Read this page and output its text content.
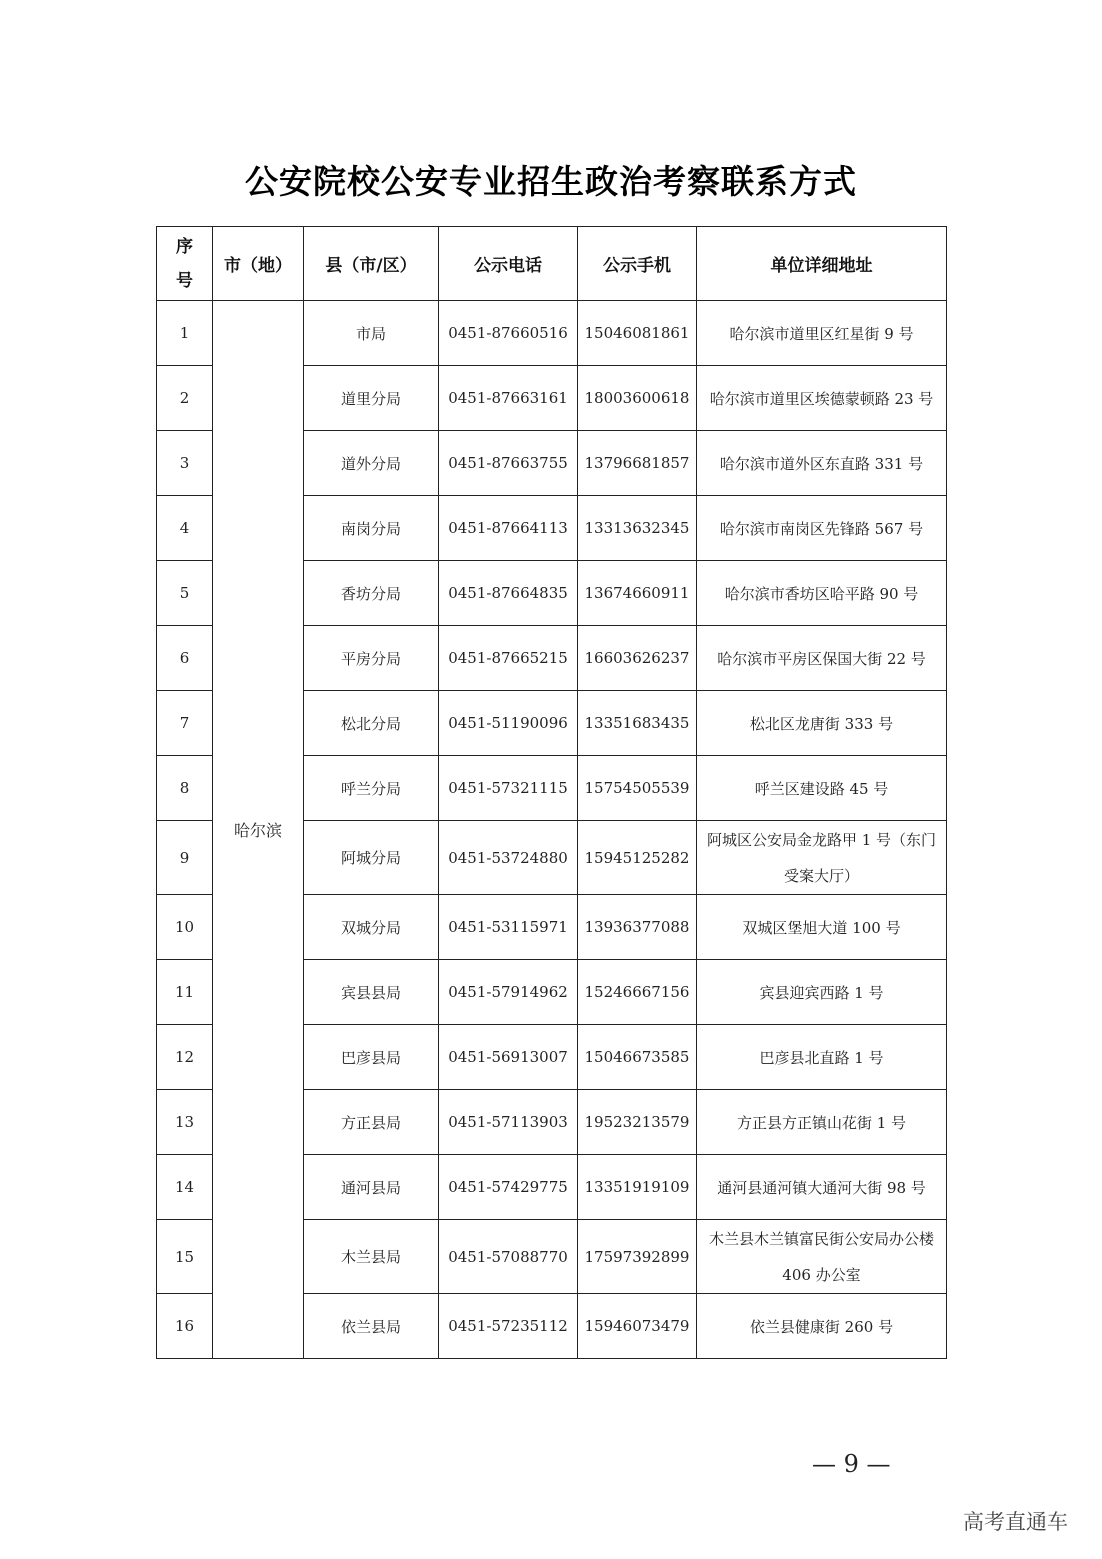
公安院校公安专业招生政治考察联系方式
序号	市（地）	县（市/区）	公示电话	公示手机	单位详细地址
1	哈尔滨	市局	0451-87660516	15046081861	哈尔滨市道里区红星街 9 号
2		道里分局	0451-87663161	18003600618	哈尔滨市道里区埃德蒙顿路 23 号
3		道外分局	0451-87663755	13796681857	哈尔滨市道外区东直路 331 号
4		南岗分局	0451-87664113	13313632345	哈尔滨市南岗区先锋路 567 号
5		香坊分局	0451-87664835	13674660911	哈尔滨市香坊区哈平路 90 号
6		平房分局	0451-87665215	16603626237	哈尔滨市平房区保国大街 22 号
7		松北分局	0451-51190096	13351683435	松北区龙唐街 333 号
8		呼兰分局	0451-57321115	15754505539	呼兰区建设路 45 号
9		阿城分局	0451-53724880	15945125282	阿城区公安局金龙路甲 1 号（东门受案大厅）
10		双城分局	0451-53115971	13936377088	双城区堡旭大道 100 号
11		宾县县局	0451-57914962	15246667156	宾县迎宾西路 1 号
12		巴彦县局	0451-56913007	15046673585	巴彦县北直路 1 号
13		方正县局	0451-57113903	19523213579	方正县方正镇山花街 1 号
14		通河县局	0451-57429775	13351919109	通河县通河镇大通河大街 98 号
15		木兰县局	0451-57088770	17597392899	木兰县木兰镇富民街公安局办公楼 406 办公室
16		依兰县局	0451-57235112	15946073479	依兰县健康街 260 号
— 9 —
高考直通车
